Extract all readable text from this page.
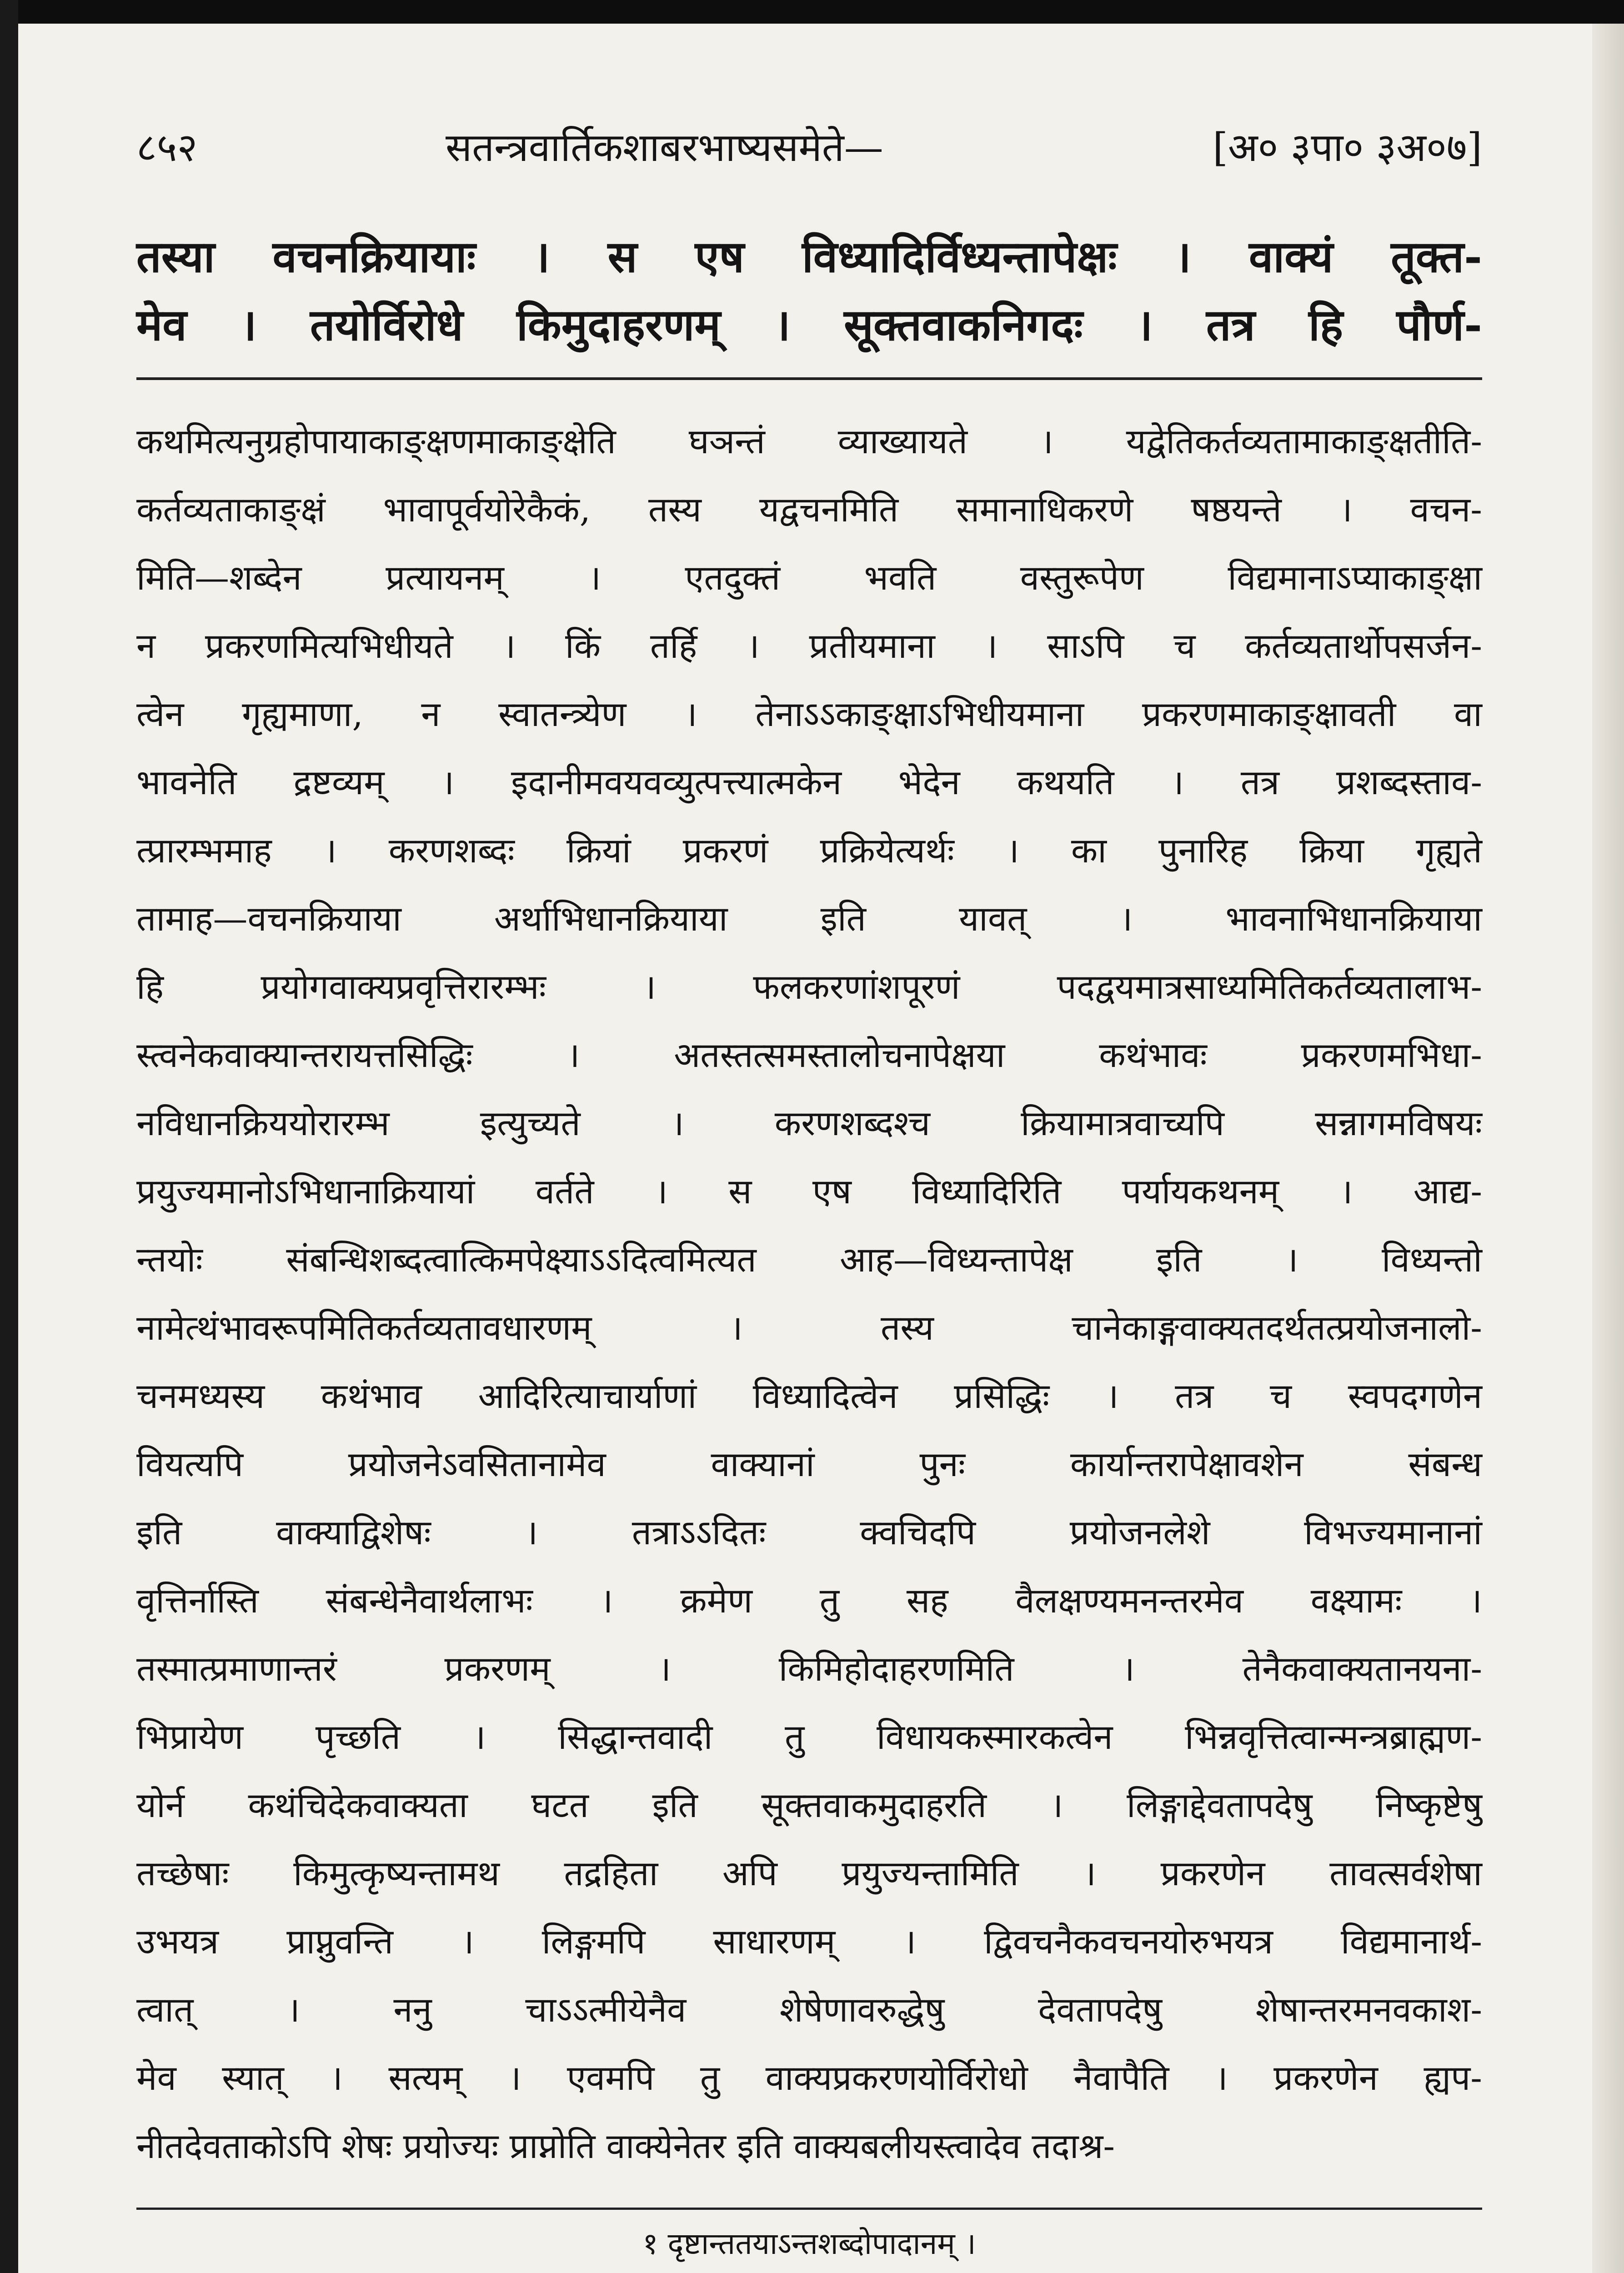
८५२	सतन्त्रवार्तिकशाबरभाष्यसमेते—	[अ० ३पा० ३अ०७]
तस्या वचनक्रियायाः । स एष विध्यादिर्विध्यन्तापेक्षः । वाक्यं तूक्त-
मेव । तयोर्विरोधे किमुदाहरणम् । सूक्तवाकनिगदः । तत्र हि पौर्ण-
कथमित्यनुग्रहोपायाकाङ्क्षणमाकाङ्क्षेति घञन्तं व्याख्यायते । यद्वेतिकर्तव्यतामाकाङ्क्षतीति-
कर्तव्यताकाङ्क्षं भावापूर्वयोरेकैकं, तस्य यद्वचनमिति समानाधिकरणे षष्ठयन्ते । वचन-
मिति—शब्देन प्रत्यायनम् । एतदुक्तं भवति वस्तुरूपेण विद्यमानाऽप्याकाङ्क्षा
न प्रकरणमित्यभिधीयते । किं तर्हि । प्रतीयमाना । साऽपि च कर्तव्यतार्थोपसर्जन-
त्वेन गृह्यमाणा, न स्वातन्त्र्येण । तेनाऽऽकाङ्क्षाऽभिधीयमाना प्रकरणमाकाङ्क्षावती वा
भावनेति द्रष्टव्यम् । इदानीमवयवव्युत्पत्त्यात्मकेन भेदेन कथयति । तत्र प्रशब्दस्ताव-
त्प्रारम्भमाह । करणशब्दः क्रियां प्रकरणं प्रक्रियेत्यर्थः । का पुनारिह क्रिया गृह्यते
तामाह—वचनक्रियाया अर्थाभिधानक्रियाया इति यावत् । भावनाभिधानक्रियाया
हि प्रयोगवाक्यप्रवृत्तिरारम्भः । फलकरणांशपूरणं पदद्वयमात्रसाध्यमितिकर्तव्यतालाभ-
स्त्वनेकवाक्यान्तरायत्तसिद्धिः । अतस्तत्समस्तालोचनापेक्षया कथंभावः प्रकरणमभिधा-
नविधानक्रिययोरारम्भ इत्युच्यते । करणशब्दश्च क्रियामात्रवाच्यपि सन्नागमविषयः
प्रयुज्यमानोऽभिधानाक्रियायां वर्तते । स एष विध्यादिरिति पर्यायकथनम् । आद्य-
न्तयोः संबन्धिशब्दत्वात्किमपेक्ष्याऽऽदित्वमित्यत आह—विध्यन्तापेक्ष इति । विध्यन्तो
नामेत्थंभावरूपमितिकर्तव्यतावधारणम् । तस्य चानेकाङ्गवाक्यतदर्थतत्प्रयोजनालो-
चनमध्यस्य कथंभाव आदिरित्याचार्याणां विध्यादित्वेन प्रसिद्धिः । तत्र च स्वपदगणेन
वियत्यपि प्रयोजनेऽवसितानामेव वाक्यानां पुनः कार्यान्तरापेक्षावशेन संबन्ध
इति वाक्याद्विशेषः । तत्राऽऽदितः क्वचिदपि प्रयोजनलेशे विभज्यमानानां
वृत्तिर्नास्ति संबन्धेनैवार्थलाभः । क्रमेण तु सह वैलक्षण्यमनन्तरमेव वक्ष्यामः ।
तस्मात्प्रमाणान्तरं प्रकरणम् । किमिहोदाहरणमिति । तेनैकवाक्यतानयना-
भिप्रायेण पृच्छति । सिद्धान्तवादी तु विधायकस्मारकत्वेन भिन्नवृत्तित्वान्मन्त्रब्राह्मण-
योर्न कथंचिदेकवाक्यता घटत इति सूक्तवाकमुदाहरति । लिङ्गाद्देवतापदेषु निष्कृष्टेषु
तच्छेषाः किमुत्कृष्यन्तामथ तद्रहिता अपि प्रयुज्यन्तामिति । प्रकरणेन तावत्सर्वशेषा
उभयत्र प्राप्नुवन्ति । लिङ्गमपि साधारणम् । द्विवचनैकवचनयोरुभयत्र विद्यमानार्थ-
त्वात् । ननु चाऽऽत्मीयेनैव शेषेणावरुद्धेषु देवतापदेषु शेषान्तरमनवकाश-
मेव स्यात् । सत्यम् । एवमपि तु वाक्यप्रकरणयोर्विरोधो नैवापैति । प्रकरणेन ह्यप-
नीतदेवताकोऽपि शेषः प्रयोज्यः प्राप्नोति वाक्येनेतर इति वाक्यबलीयस्त्वादेव तदाश्र-
१ दृष्टान्ततयाऽन्तशब्दोपादानम् ।
